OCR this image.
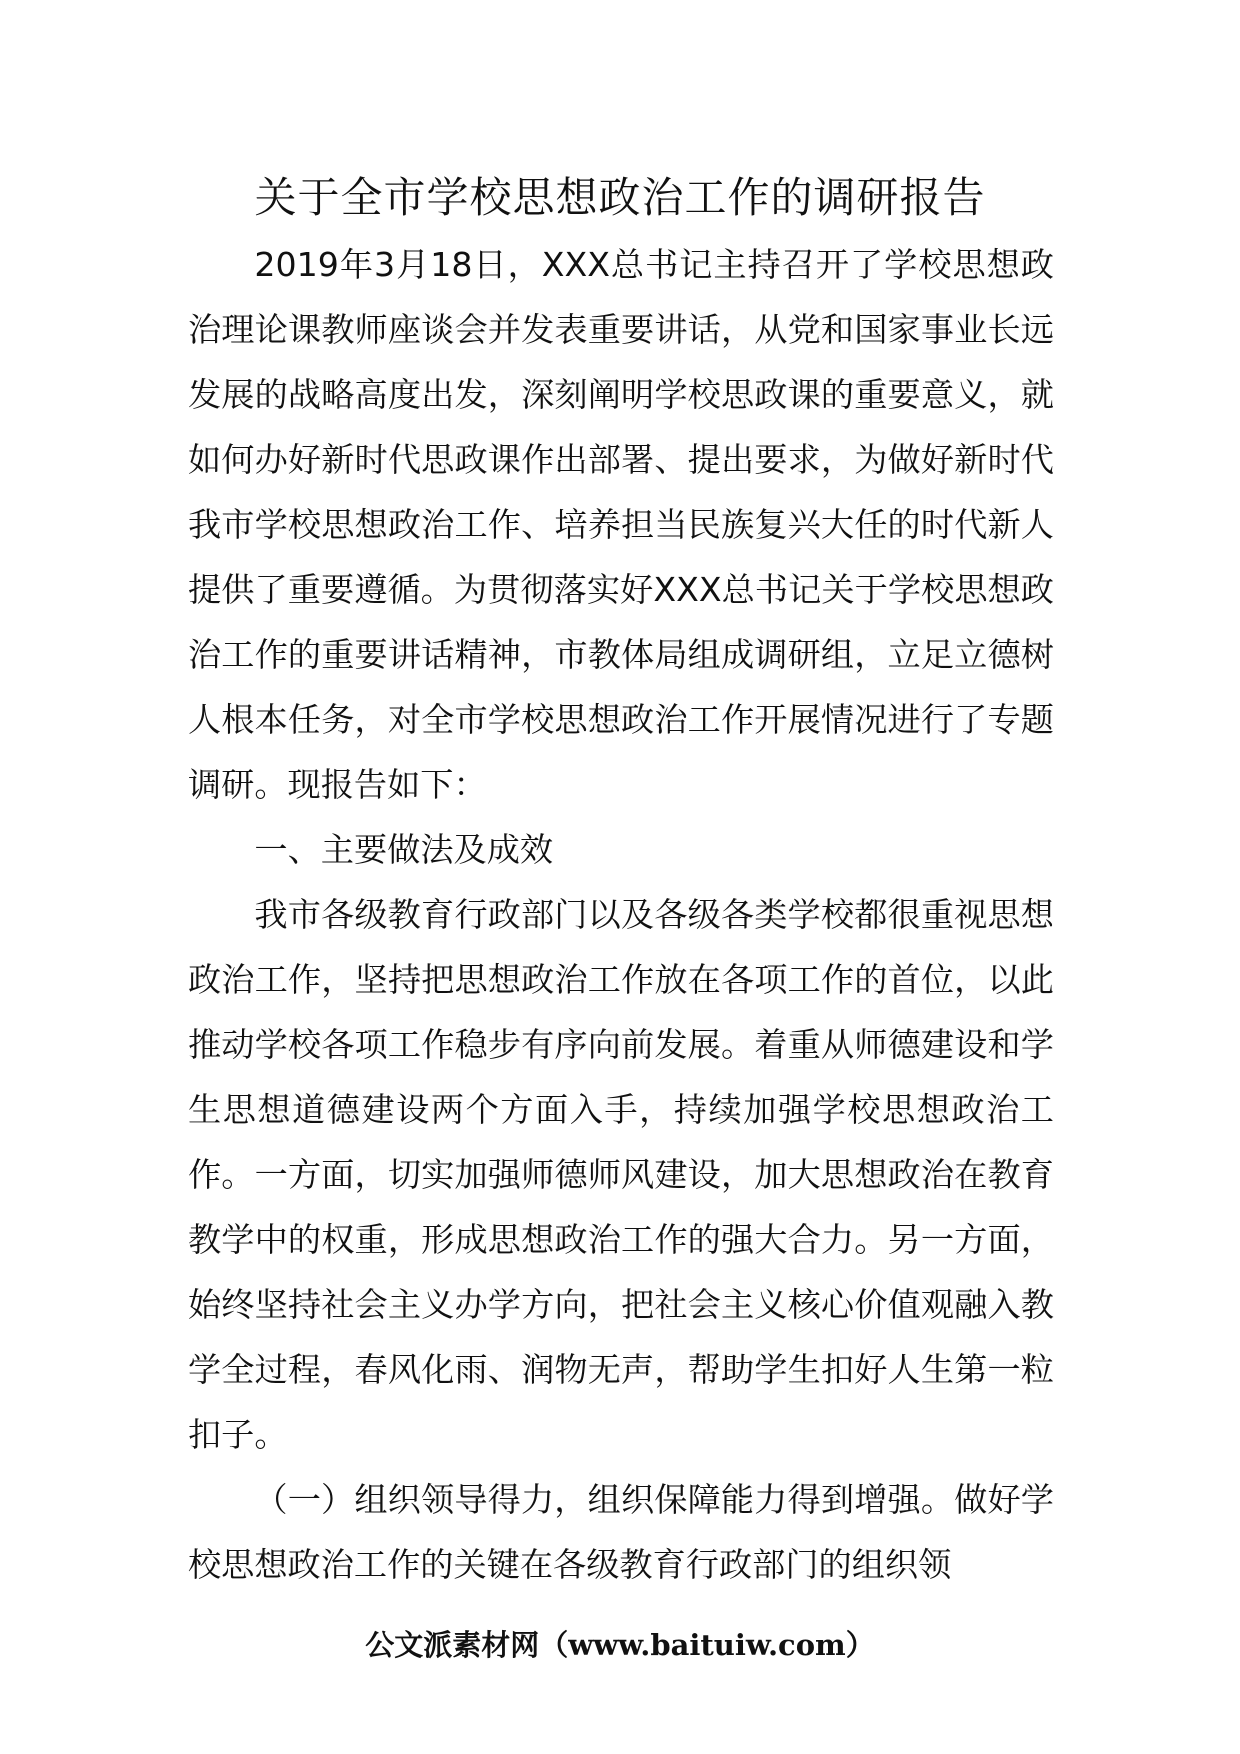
关于全市学校思想政治工作的调研报告

2019年3月18日，XXX总书记主持召开了学校思想政治理论课教师座谈会并发表重要讲话，从党和国家事业长远发展的战略高度出发，深刻阐明学校思政课的重要意义，就如何办好新时代思政课作出部署、提出要求，为做好新时代我市学校思想政治工作、培养担当民族复兴大任的时代新人提供了重要遵循。为贯彻落实好XXX总书记关于学校思想政治工作的重要讲话精神，市教体局组成调研组，立足立德树人根本任务，对全市学校思想政治工作开展情况进行了专题调研。现报告如下：

一、主要做法及成效

我市各级教育行政部门以及各级各类学校都很重视思想政治工作，坚持把思想政治工作放在各项工作的首位，以此推动学校各项工作稳步有序向前发展。着重从师德建设和学生思想道德建设两个方面入手，持续加强学校思想政治工作。一方面，切实加强师德师风建设，加大思想政治在教育教学中的权重，形成思想政治工作的强大合力。另一方面，始终坚持社会主义办学方向，把社会主义核心价值观融入教学全过程，春风化雨、润物无声，帮助学生扣好人生第一粒扣子。

（一）组织领导得力，组织保障能力得到增强。做好学校思想政治工作的关键在各级教育行政部门的组织领

公文派素材网（www.baituiw.com）
